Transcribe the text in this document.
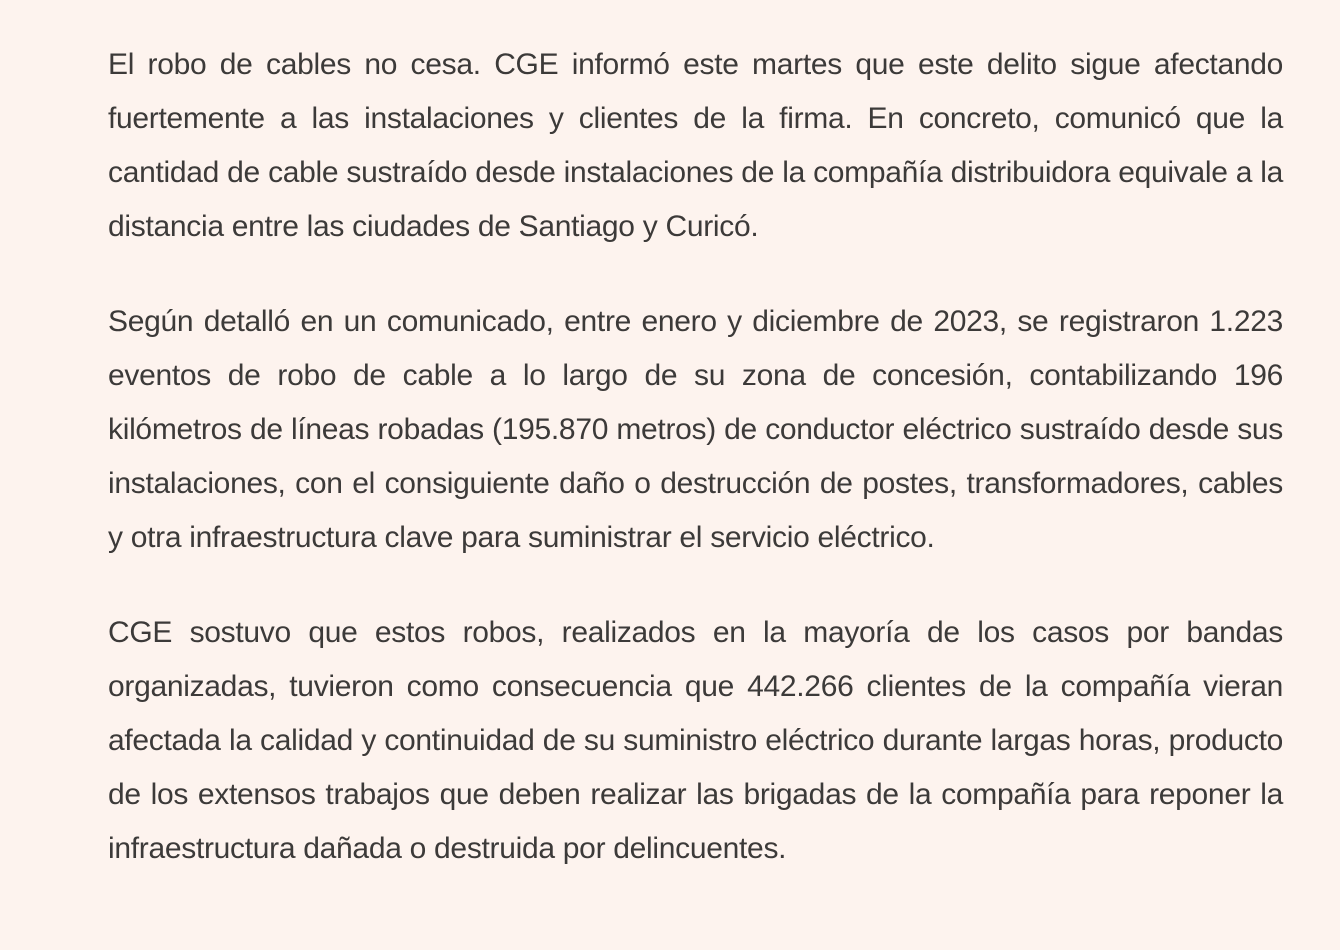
El robo de cables no cesa. CGE informó este martes que este delito sigue afectando fuertemente a las instalaciones y clientes de la firma. En concreto, comunicó que la cantidad de cable sustraído desde instalaciones de la compañía distribuidora equivale a la distancia entre las ciudades de Santiago y Curicó.

Según detalló en un comunicado, entre enero y diciembre de 2023, se registraron 1.223 eventos de robo de cable a lo largo de su zona de concesión, contabilizando 196 kilómetros de líneas robadas (195.870 metros) de conductor eléctrico sustraído desde sus instalaciones, con el consiguiente daño o destrucción de postes, transformadores, cables y otra infraestructura clave para suministrar el servicio eléctrico.

CGE sostuvo que estos robos, realizados en la mayoría de los casos por bandas organizadas, tuvieron como consecuencia que 442.266 clientes de la compañía vieran afectada la calidad y continuidad de su suministro eléctrico durante largas horas, producto de los extensos trabajos que deben realizar las brigadas de la compañía para reponer la infraestructura dañada o destruida por delincuentes.
